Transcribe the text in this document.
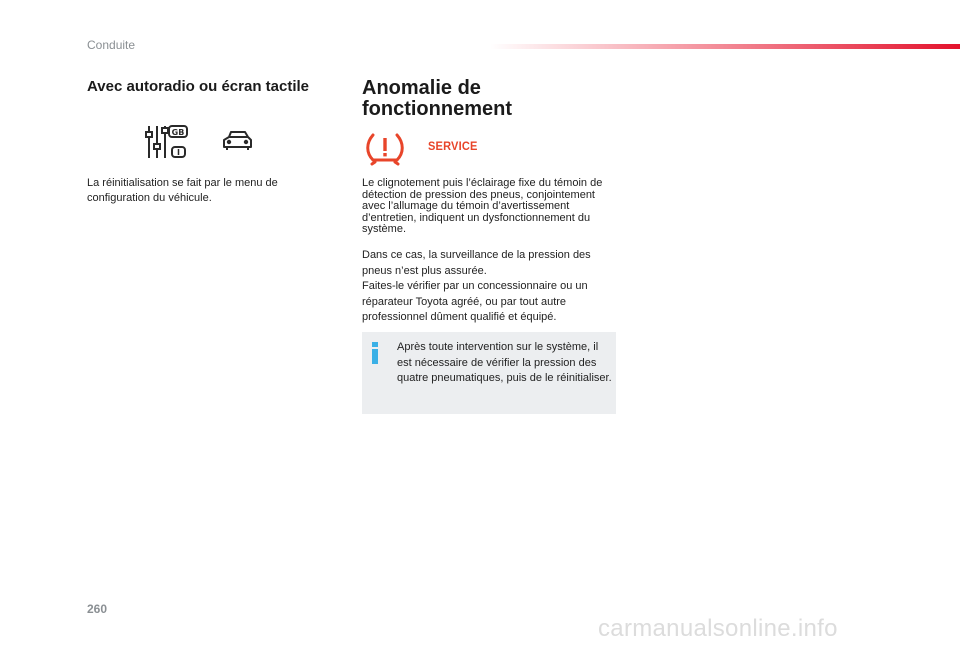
Conduite
Avec autoradio ou écran tactile	Anomalie de fonctionnement
GB
I	SERVICE

La réinitialisation se fait par le menu de configuration du véhicule.

Le clignotement puis l’éclairage fixe du témoin de détection de pression des pneus, conjointement avec l’allumage du témoin d’avertissement d’entretien, indiquent un dysfonctionnement du système.

Dans ce cas, la surveillance de la pression des pneus n’est plus assurée.
Faites-le vérifier par un concessionnaire ou un réparateur Toyota agréé, ou par tout autre professionnel dûment qualifié et équipé.

Après toute intervention sur le système, il est nécessaire de vérifier la pression des quatre pneumatiques, puis de le réinitialiser.

260
carmanualsonline.info
